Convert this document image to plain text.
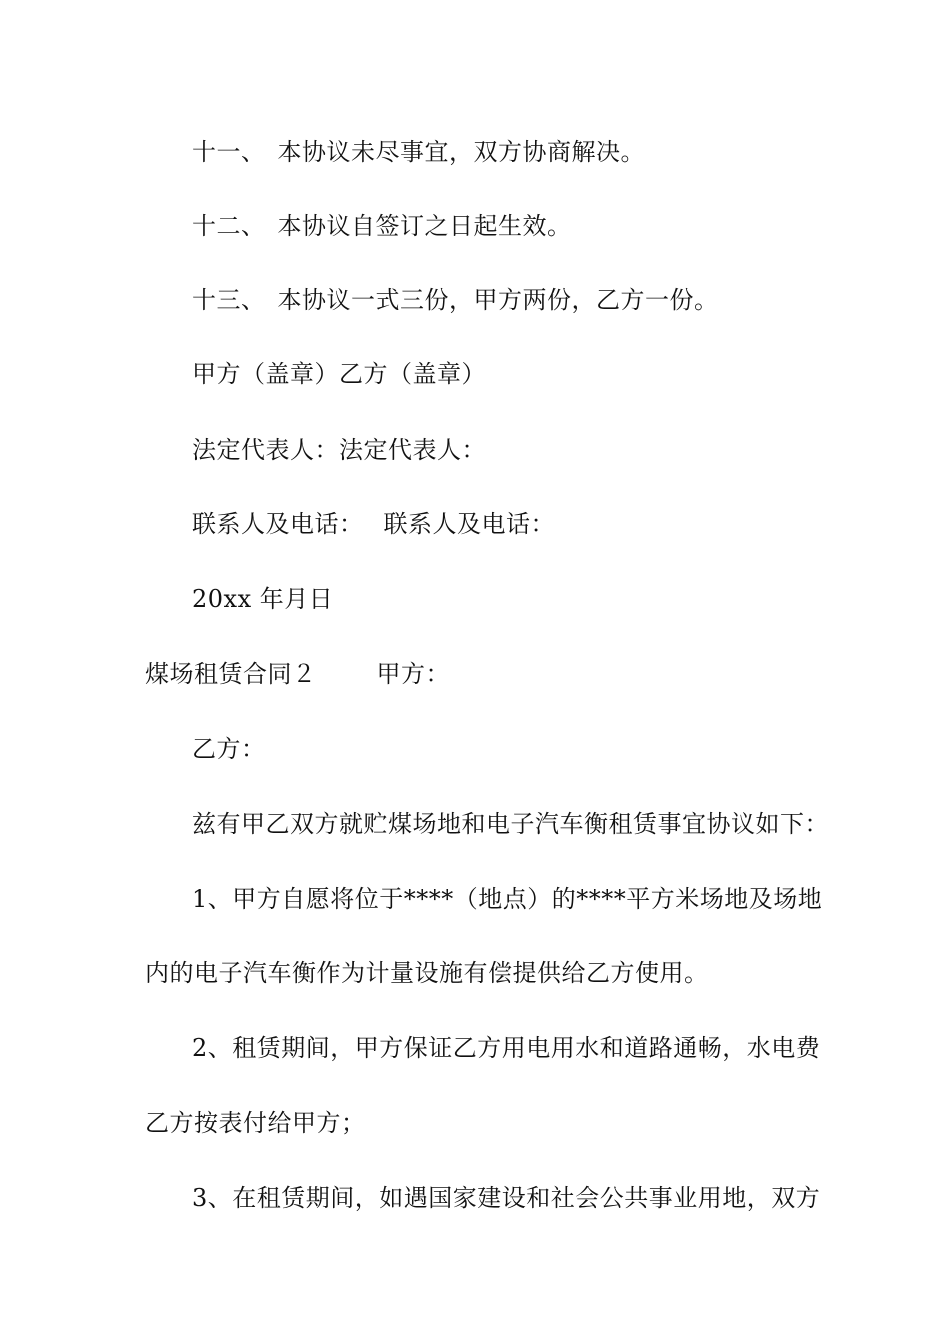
十一、 本协议未尽事宜，双方协商解决。
十二、 本协议自签订之日起生效。
十三、 本协议一式三份，甲方两份，乙方一份。
甲方（盖章）乙方（盖章）
法定代表人：法定代表人：
联系人及电话： 联系人及电话：
20xx 年月日
煤场租赁合同２	甲方：
乙方：
兹有甲乙双方就贮煤场地和电子汽车衡租赁事宜协议如下：
1、甲方自愿将位于****（地点）的****平方米场地及场地
内的电子汽车衡作为计量设施有偿提供给乙方使用。
2、租赁期间，甲方保证乙方用电用水和道路通畅，水电费
乙方按表付给甲方；
3、在租赁期间，如遇国家建设和社会公共事业用地，双方
